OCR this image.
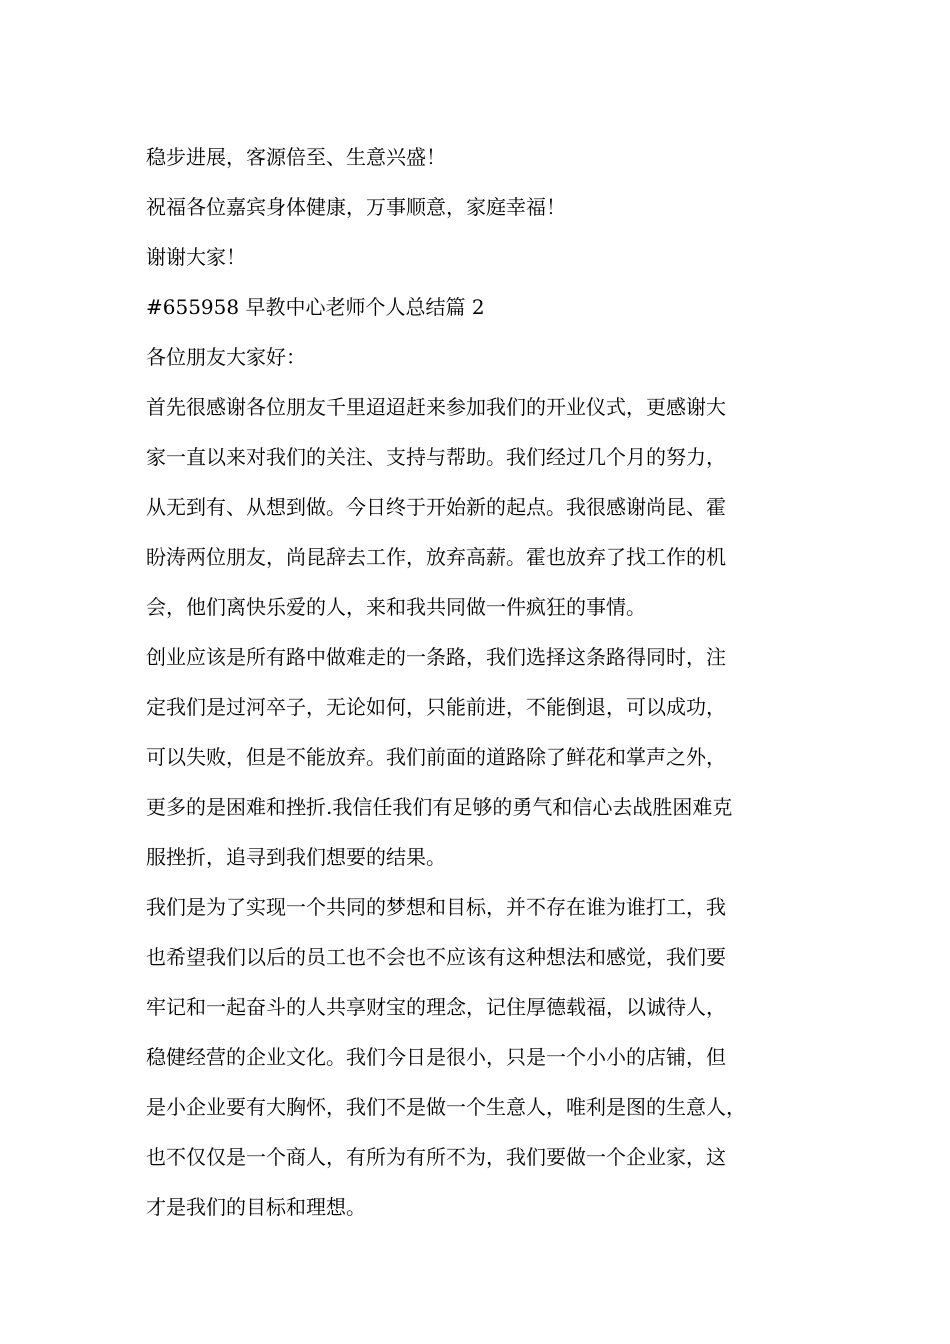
稳步进展，客源倍至、生意兴盛！
祝福各位嘉宾身体健康，万事顺意，家庭幸福！
谢谢大家！
#655958 早教中心老师个人总结篇 2
各位朋友大家好：
首先很感谢各位朋友千里迢迢赶来参加我们的开业仪式，更感谢大
家一直以来对我们的关注、支持与帮助。我们经过几个月的努力，
从无到有、从想到做。今日终于开始新的起点。我很感谢尚昆、霍
盼涛两位朋友，尚昆辞去工作，放弃高薪。霍也放弃了找工作的机
会，他们离快乐爱的人，来和我共同做一件疯狂的事情。
创业应该是所有路中做难走的一条路，我们选择这条路得同时，注
定我们是过河卒子，无论如何，只能前进，不能倒退，可以成功，
可以失败，但是不能放弃。我们前面的道路除了鲜花和掌声之外，
更多的是困难和挫折.我信任我们有足够的勇气和信心去战胜困难克
服挫折，追寻到我们想要的结果。
我们是为了实现一个共同的梦想和目标，并不存在谁为谁打工，我
也希望我们以后的员工也不会也不应该有这种想法和感觉，我们要
牢记和一起奋斗的人共享财宝的理念，记住厚德载福，以诚待人，
稳健经营的企业文化。我们今日是很小，只是一个小小的店铺，但
是小企业要有大胸怀，我们不是做一个生意人，唯利是图的生意人，
也不仅仅是一个商人，有所为有所不为，我们要做一个企业家，这
才是我们的目标和理想。
